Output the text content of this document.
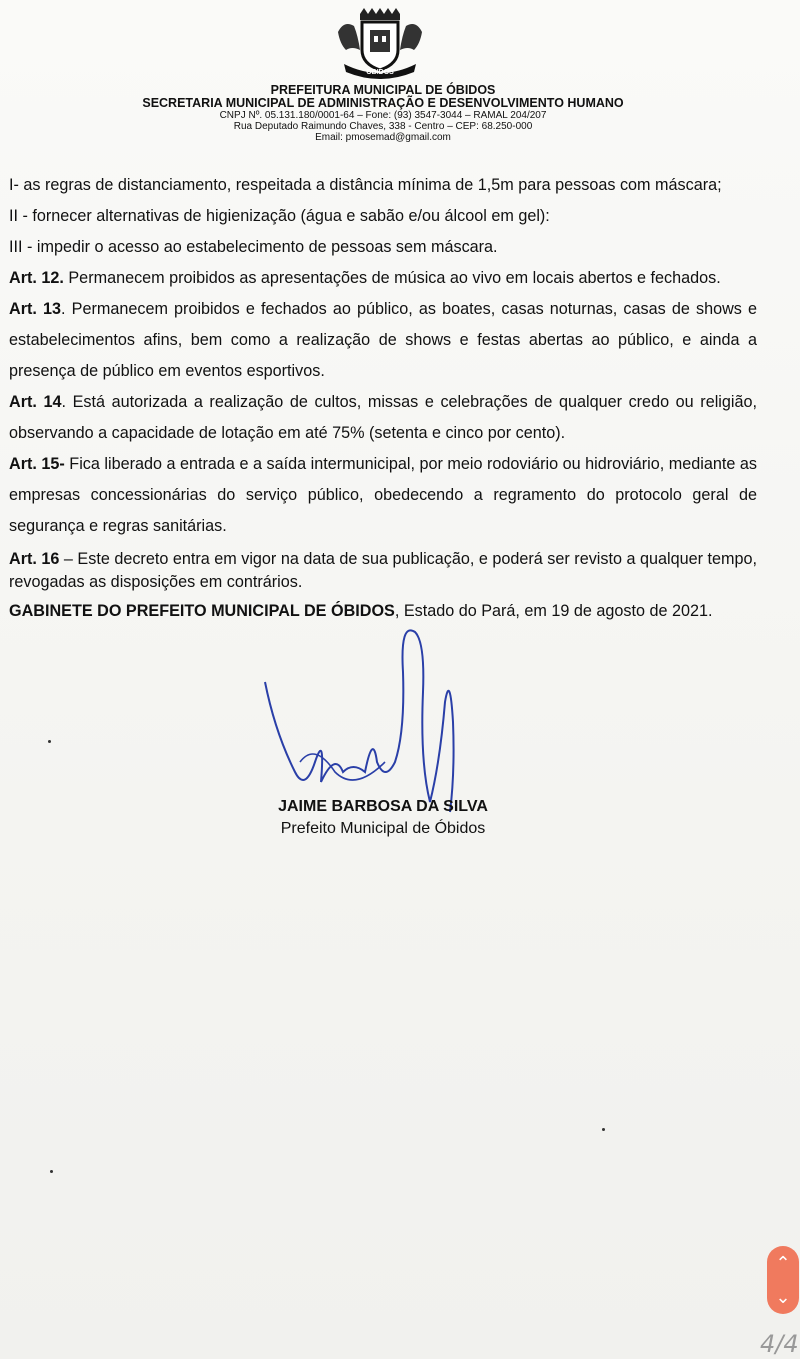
ÓBIDOS
PREFEITURA MUNICIPAL DE ÓBIDOS
SECRETARIA MUNICIPAL DE ADMINISTRAÇÃO E DESENVOLVIMENTO HUMANO
CNPJ Nº. 05.131.180/0001-64 – Fone: (93) 3547-3044 – RAMAL 204/207
Rua Deputado Raimundo Chaves, 338 - Centro – CEP: 68.250-000
Email: pmosemad@gmail.com

I- as regras de distanciamento, respeitada a distância mínima de 1,5m para pessoas com máscara;

II - fornecer alternativas de higienização (água e sabão e/ou álcool em gel):

III - impedir o acesso ao estabelecimento de pessoas sem máscara.

Art. 12. Permanecem proibidos as apresentações de música ao vivo em locais abertos e fechados.

Art. 13. Permanecem proibidos e fechados ao público, as boates, casas noturnas, casas de shows e estabelecimentos afins, bem como a realização de shows e festas abertas ao público, e ainda a presença de público em eventos esportivos.

Art. 14. Está autorizada a realização de cultos, missas e celebrações de qualquer credo ou religião, observando a capacidade de lotação em até 75% (setenta e cinco por cento).

Art. 15- Fica liberado a entrada e a saída intermunicipal, por meio rodoviário ou hidroviário, mediante as empresas concessionárias do serviço público, obedecendo a regramento do protocolo geral de segurança e regras sanitárias.

Art. 16 – Este decreto entra em vigor na data de sua publicação, e poderá ser revisto a qualquer tempo, revogadas as disposições em contrários.

GABINETE DO PREFEITO MUNICIPAL DE ÓBIDOS, Estado do Pará, em 19 de agosto de 2021.

JAIME BARBOSA DA SILVA
Prefeito Municipal de Óbidos
⌃
⌄
4/4
